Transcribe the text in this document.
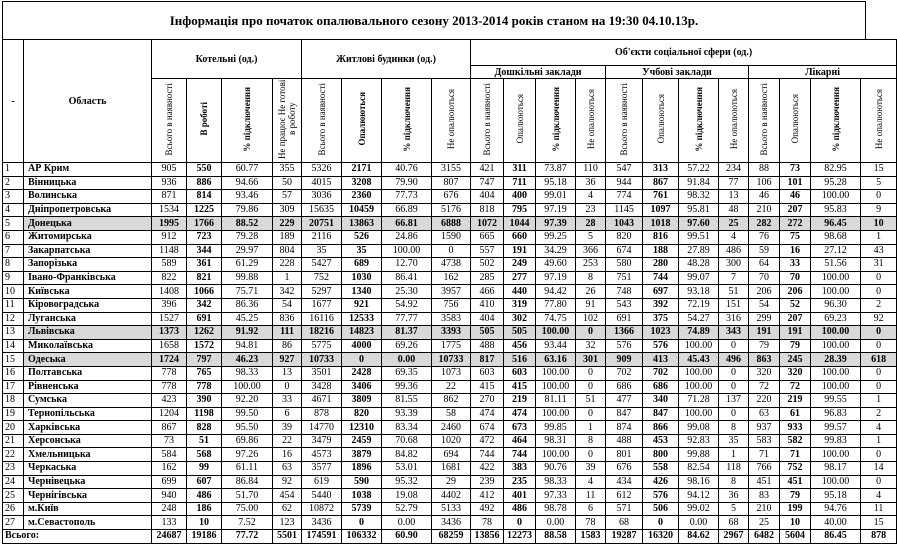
Інформація про початок опалювального сезону 2013-2014 років станом на 19:30 04.10.13р.
-	Область	Котельні (од.)				Житлові будинки (од.)				Об'єкти соціальної сфери (од.)											
										Дошкільні заклади				Учбові заклади				Лікарні			
		Всього в наявності	В роботі	% підключення	Не працює Не готові в роботу	Всього в наявності	Опалюються	% підключення	Не опалюються	Всього в наявності	Опалюються	% підключення	Не опалюються	Всього в наявності	Опалюються	% підключення	Не опалюються	Всього в наявності	Опалюються	% підключення	Не опалюються
1	АР Крим	905	550	60.77	355	5326	2171	40.76	3155	421	311	73.87	110	547	313	57.22	234	88	73	82.95	15
2	Вінницька	936	886	94.66	50	4015	3208	79.90	807	747	711	95.18	36	944	867	91.84	77	106	101	95.28	5
3	Волинська	871	814	93.46	57	3036	2360	77.73	676	404	400	99.01	4	774	761	98.32	13	46	46	100.00	0
4	Дніпропетровська	1534	1225	79.86	309	15635	10459	66.89	5176	818	795	97.19	23	1145	1097	95.81	48	210	207	95.83	9
5	Донецька	1995	1766	88.52	229	20751	13863	66.81	6888	1072	1044	97.39	28	1043	1018	97.60	25	282	272	96.45	10
6	Житомирська	912	723	79.28	189	2116	526	24.86	1590	665	660	99.25	5	820	816	99.51	4	76	75	98.68	1
7	Закарпатська	1148	344	29.97	804	35	35	100.00	0	557	191	34.29	366	674	188	27.89	486	59	16	27.12	43
8	Запорізька	589	361	61.29	228	5427	689	12.70	4738	502	249	49.60	253	580	280	48.28	300	64	33	51.56	31
9	Івано-Франківська	822	821	99.88	1	752	1030	86.41	162	285	277	97.19	8	751	744	99.07	7	70	70	100.00	0
10	Київська	1408	1066	75.71	342	5297	1340	25.30	3957	466	440	94.42	26	748	697	93.18	51	206	206	100.00	0
11	Кіровоградська	396	342	86.36	54	1677	921	54.92	756	410	319	77.80	91	543	392	72.19	151	54	52	96.30	2
12	Луганська	1527	691	45.25	836	16116	12533	77.77	3583	404	302	74.75	102	691	375	54.27	316	299	207	69.23	92
13	Львівська	1373	1262	91.92	111	18216	14823	81.37	3393	505	505	100.00	0	1366	1023	74.89	343	191	191	100.00	0
14	Миколаївська	1658	1572	94.81	86	5775	4000	69.26	1775	488	456	93.44	32	576	576	100.00	0	79	79	100.00	0
15	Одеська	1724	797	46.23	927	10733	0	0.00	10733	817	516	63.16	301	909	413	45.43	496	863	245	28.39	618
16	Полтавська	778	765	98.33	13	3501	2428	69.35	1073	603	603	100.00	0	702	702	100.00	0	320	320	100.00	0
17	Рівненська	778	778	100.00	0	3428	3406	99.36	22	415	415	100.00	0	686	686	100.00	0	72	72	100.00	0
18	Сумська	423	390	92.20	33	4671	3809	81.55	862	270	219	81.11	51	477	340	71.28	137	220	219	99.55	1
19	Тернопільська	1204	1198	99.50	6	878	820	93.39	58	474	474	100.00	0	847	847	100.00	0	63	61	96.83	2
20	Харківська	867	828	95.50	39	14770	12310	83.34	2460	674	673	99.85	1	874	866	99.08	8	937	933	99.57	4
21	Херсонська	73	51	69.86	22	3479	2459	70.68	1020	472	464	98.31	8	488	453	92.83	35	583	582	99.83	1
22	Хмельницька	584	568	97.26	16	4573	3879	84.82	694	744	744	100.00	0	801	800	99.88	1	71	71	100.00	0
23	Черкаська	162	99	61.11	63	3577	1896	53.01	1681	422	383	90.76	39	676	558	82.54	118	766	752	98.17	14
24	Чернівецька	699	607	86.84	92	619	590	95.32	29	239	235	98.33	4	434	426	98.16	8	451	451	100.00	0
25	Чернігівська	940	486	51.70	454	5440	1038	19.08	4402	412	401	97.33	11	612	576	94.12	36	83	79	95.18	4
26	м.Київ	248	186	75.00	62	10872	5739	52.79	5133	492	486	98.78	6	571	506	99.02	5	210	199	94.76	11
27	м.Севастополь	133	10	7.52	123	3436	0	0.00	3436	78	0	0.00	78	68	0	0.00	68	25	10	40.00	15
Всього:		24687	19186	77.72	5501	174591	106332	60.90	68259	13856	12273	88.58	1583	19287	16320	84.62	2967	6482	5604	86.45	878
